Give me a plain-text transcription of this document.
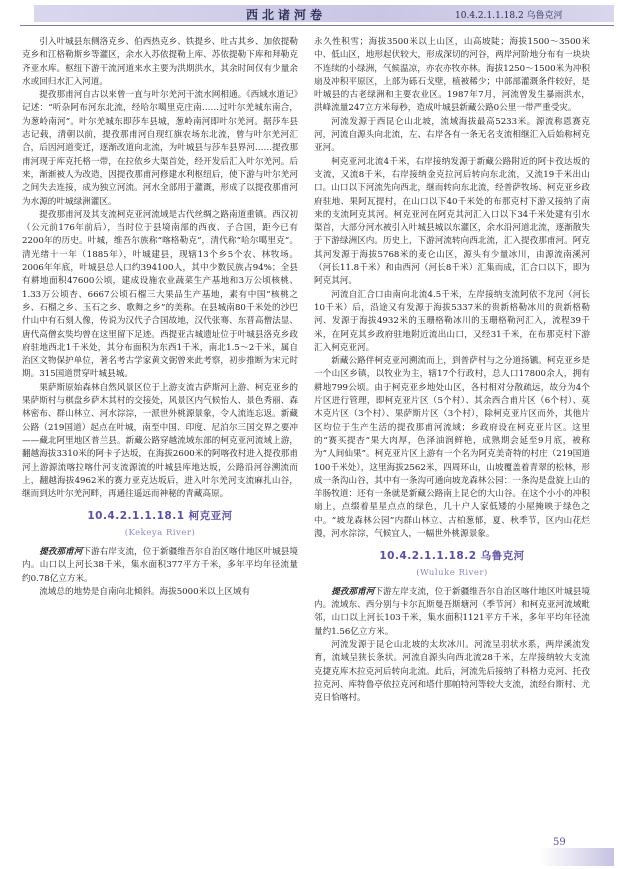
西北诸河卷	10.4.2.1.1.18.2 乌鲁克河

引入叶城县东侧洛克乡、伯西热克乡、铁提乡、吐古其乡、加依提勒克乡和江格勒斯乡等灌区，余水入苏依提勒上库、苏依提勒下库和拜勒克齐亚水库。枢纽下游干流河道来水主要为洪期洪水，其余时间仅有少量余水或回归水汇入河道。

提孜那甫河自古以来曾一直与叶尔羌河干流水网相通。《西域水道记》记述：“听杂阿布河东北流，经哈尔噶里克庄南……过叶尔羌城东南合，为葱岭南河”。叶尔羌城东即莎车县城，葱岭南河即叶尔羌河。据莎车县志记载，清朝以前，提孜那甫河自现红旗农场东北流，曾与叶尔羌河汇合，后因河道变迁，逐渐改道向北流，为叶城县与莎车县界河……提孜那甫河现于库克托格一带，在拉依乡大渠首处，经开发后汇入叶尔羌河。后来，渐渐被人为改造，因提孜那甫河修建水利枢纽后，使下游与叶尔羌河之间失去连接，成为独立河流。河水全部用于灌溉，形成了以提孜那甫河为水源的叶城绿洲灌区。

提孜那甫河及其支流柯克亚河流域是古代丝绸之路南道重镇。西汉初（公元前176年前后），当时位于县境南部的西夜、子合国，距今已有2200年的历史。叶城，维吾尔族称“喀格勒克”，清代称“哈尔噶里克”。清光绪十一年（1885年），叶城建县，现辖13个乡5个农、林牧场。2006年年底，叶城县总人口约394100人，其中少数民族占94%；全县有耕地面积47600公顷，建成设施农业蔬菜生产基地和3万公顷核桃、1.33万公顷杏、6667公顷石榴三大果品生产基地，素有中国“核桃之乡、石榴之乡、玉石之乡、歌舞之乡”的美称。在县城南80千米处的沙巴什山中有石刻人像，传说为汉代子合国故地，汉代张骞、东晋高僧法显、唐代高僧玄奘均曾在这里留下足迹。西提亚古城遗址位于叶城县洛克乡政府驻地西北1千米处，其分布面积为东西1千米，南北1.5～2千米，属自治区文物保护单位，著名考古学家黄文弼曾来此考察，初步推断为宋元时期。315国道贯穿叶城县城。

果萨斯原始森林自然风景区位于上游支流古萨斯河上游、柯克亚乡的果萨斯村与棋盘乡萨木其村的交接处，风景区内气候怡人、景色秀丽、森林密布、群山林立、河水淙淙，一派世外桃源景象，令人流连忘返。新藏公路（219国道）起点在叶城，南至中国、印度、尼泊尔三国交界之要冲——藏北阿里地区普兰县。新藏公路穿越流域东部的柯克亚河流域上游，翻越海拔3310米的阿卡子达坂，在海拔2600米的阿喀孜村进入提孜那甫河上游源流喀拉喀什河支流源流的叶城县库地达坂，公路沿河谷溯流而上，翻越海拔4962米的赛力亚克达坂后，进入叶尔羌河支流麻扎山谷，继而到达叶尔羌河畔，再通往遥远而神秘的青藏高原。

10.4.2.1.1.18.1 柯克亚河
(Kekeya River)

提孜那甫河下游右岸支流，位于新疆维吾尔自治区喀什地区叶城县境内。山口以上河长38千米，集水面积377平方千米，多年平均年径流量约0.78亿立方米。

流域总的地势是自南向北倾斜。海拔5000米以上区域有

永久性积雪；海拔3500米以上山区，山高坡陡；海拔1500～3500米中、低山区，地形起伏较大，形成深切的河谷，两岸河阶地分布有一块块不连续的小绿洲，气候温凉，亦农亦牧亦林。海拔1250～1500米为冲积扇及冲积平原区，上部为砾石戈壁，植被稀少；中部部灌溉条件较好，是叶城县的古老绿洲和主要农业区。1987年7月，河流曾发生暴雨洪水，洪峰流量247立方米每秒，造成叶城县新藏公路0公里一带严重受灾。

河流发源于西昆仑山北坡，流域海拔最高5233米。源流称恩赛克河，河流自源头向北流，左、右岸各有一条无名支流相继汇入后始称柯克亚河。

柯克亚河北流4千米，右岸接纳发源于新藏公路附近的阿卡孜达坂的支流，又流8千米，右岸接纳金克拉河后转向东北流，又流19千米出山口。山口以下河流先向西北，继而转向东北流，经普萨牧场、柯克亚乡政府驻地、果阿瓦提村，在山口以下40千米处的布那克村下游又接纳了南来的支流阿克其河。柯克亚河在阿克其河汇入口以下34千米处建有引水渠首，大部分河水被引入叶城县城以东灌区，余水沿河道北流，逐渐散失于下游绿洲区内。历史上，下游河流转向西北流，汇入提孜那甫河。阿克其河发源于海拔5768米的麦仑山区，源头有少量冰川，由源流南溪河（河长11.8千米）和由西河（河长8千米）汇集而成，汇合口以下，即为阿克其河。

河流自汇合口由南向北流4.5千米，左岸接纳支流阿依不龙河（河长10千米）后，沿途又有发源于海拔5337米的贵新格勒冰川的贵新格勒河、发源于海拔4932米的玉珊格勒冰川的玉珊格勒河汇入，流程39千米，在阿克其乡政府驻地附近流出山口，又经31千米，在布那克村下游汇入柯克亚河。

新藏公路伴柯克亚河溯流而上，到普萨村与之分道扬镳。柯克亚乡是一个山区乡镇，以牧业为主，辖17个行政村，总人口17800余人，拥有耕地799公顷。由于柯克亚乡地处山区，各村相对分散疏远，故分为4个片区进行管理，即柯克亚片区（5个村）、其余西合甫片区（6个村）、莫木克片区（3个村）、果萨斯片区（3个村），除柯克亚片区而外，其他片区均位于生产生活的提孜那甫河流域；乡政府设在柯克亚片区。这里的“赛买提杏”果大肉厚，色泽油润鲜艳，成熟期会延至9月底，被称为“人间仙果”。柯克亚片区上游有一个名为阿克美奇特的村庄（219国道100千米处），这里海拔2562米，四周环山，山坡覆盖着青翠的松林，形成一条沟山谷，其中有一条沟可通向坡龙森林公园：一条沟是盘旋上山的羊肠牧道：还有一条就是新藏公路南上昆仑的大山谷。在这个小小的冲积扇上，点缀着星星点点的绿色，几十户人家低矮的小屋掩映于绿色之中。“坡龙森林公园”内群山林立、古柏葱郁，夏、秋季节，区内山花烂漫，河水淙淙，气候宜人，一幅世外桃源景象。

10.4.2.1.1.18.2 乌鲁克河
(Wuluke River)

提孜那甫河下游左岸支流，位于新疆维吾尔自治区喀什地区叶城县境内。流域东、西分别与卡尔瓦斯曼吾斯塘河（季节河）和柯克亚河流域毗邻，山口以上河长103千米，集水面积1121平方千米，多年平均年径流量约1.56亿立方米。

河流发源于昆仑山北坡的太坎冰川。河流呈羽状水系，两岸溪流发育，流域呈狭长条状。河流自源头向西北流28千米，左岸接纳较大支流克捷克库木拉克河后转向北流。此后，河流先后接纳了科格力克河、托孜拉克河、库特鲁亭依拉克河和塔什那帕特河等较大支流，流经台斯村、尤克日恰喀村。

59
